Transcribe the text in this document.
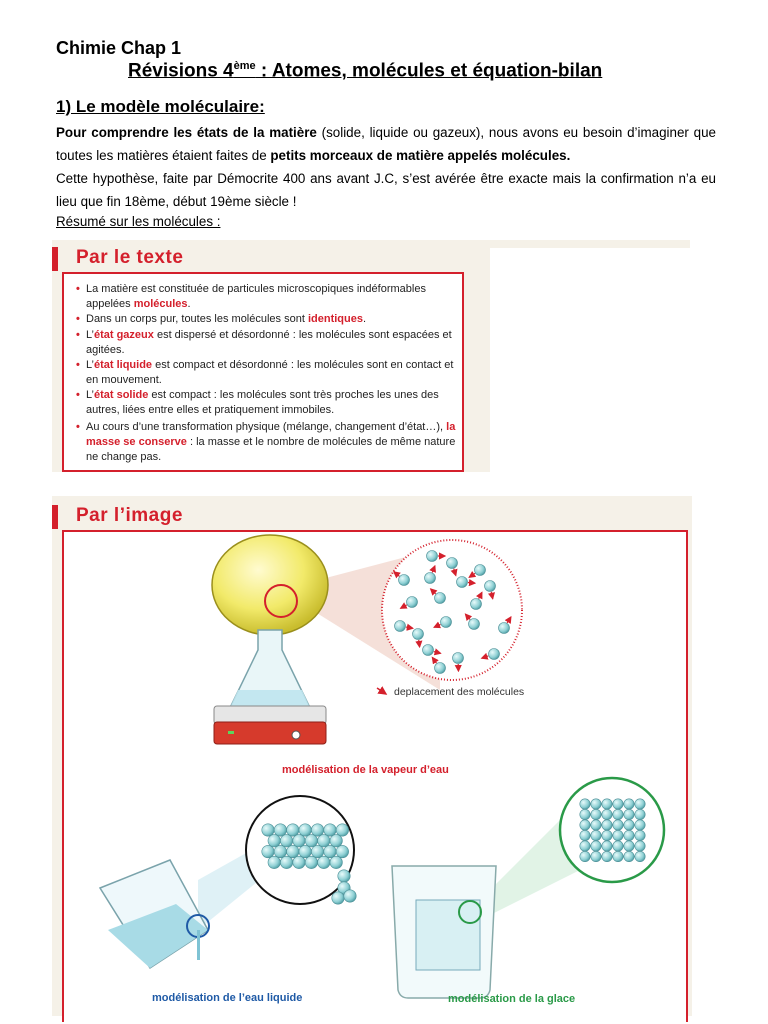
Chimie Chap 1
Révisions 4ème : Atomes, molécules et équation-bilan
1) Le modèle moléculaire:
Pour comprendre les états de la matière (solide, liquide ou gazeux), nous avons eu besoin d’imaginer que toutes les matières étaient faites de petits morceaux de matière appelés molécules.
Cette hypothèse, faite par Démocrite 400 ans avant J.C, s’est avérée être exacte mais la confirmation n’a eu lieu que fin 18ème, début 19ème siècle !
Résumé sur les molécules :
Par le texte
• La matière est constituée de particules microscopiques indéformables appelées molécules.
• Dans un corps pur, toutes les molécules sont identiques.
• L’état gazeux est dispersé et désordonné : les molécules sont espacées et agitées.
• L’état liquide est compact et désordonné : les molécules sont en contact et en mouvement.
• L’état solide est compact : les molécules sont très proches les unes des autres, liées entre elles et pratiquement immobiles.
• Au cours d’une transformation physique (mélange, changement d’état…), la masse se conserve : la masse et le nombre de molécules de même nature ne change pas.
Par l’image
deplacement des molécules
modélisation de la vapeur d’eau
modélisation de l’eau liquide	modélisation de la glace
